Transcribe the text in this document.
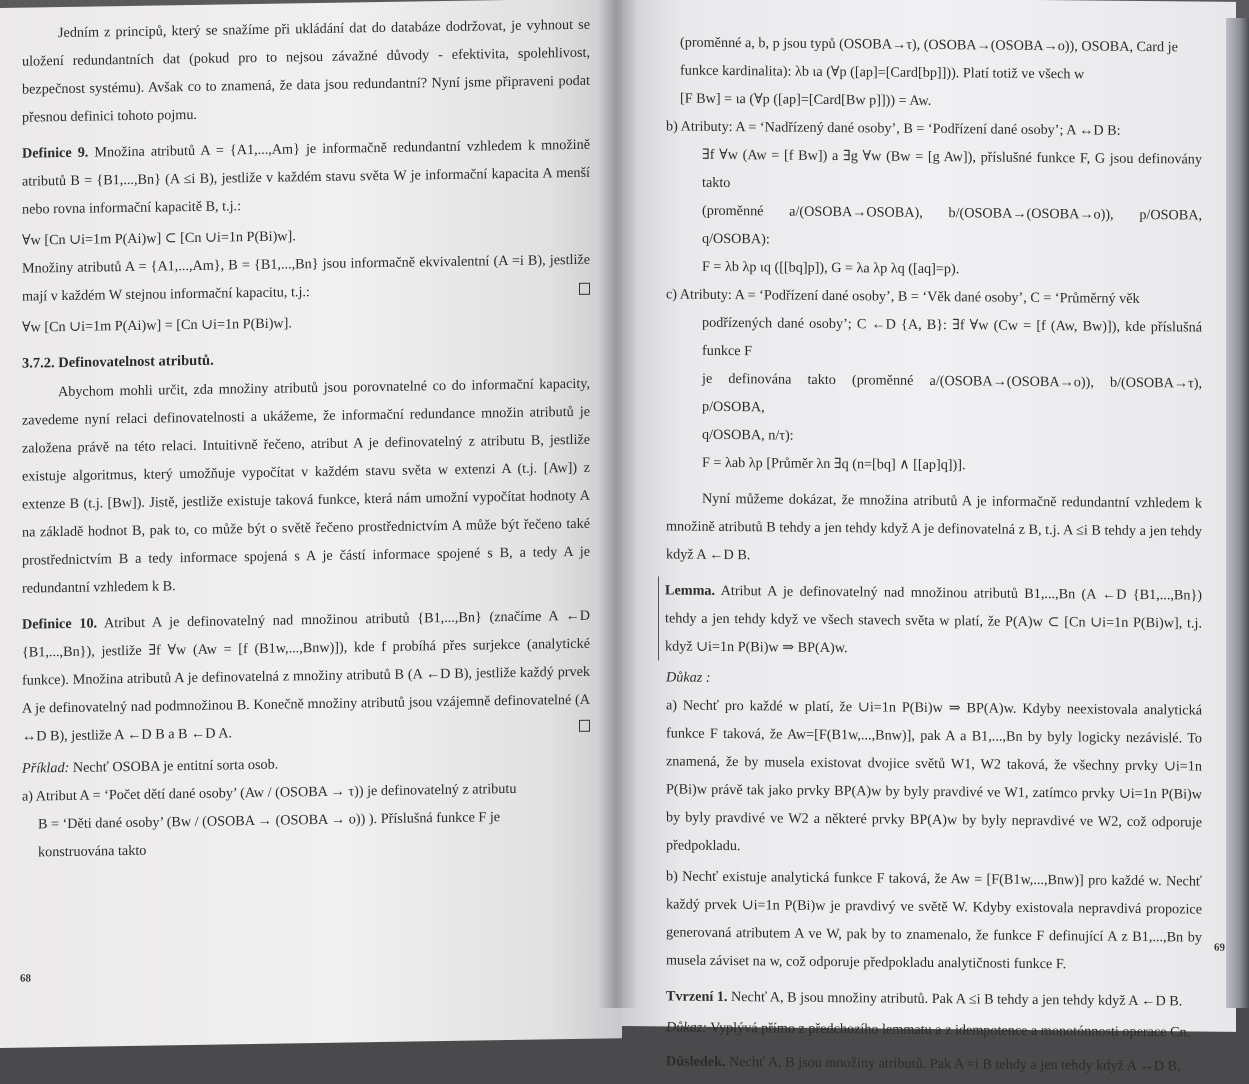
Jedním z principů, který se snažíme při ukládání dat do databáze dodržovat, je vyhnout se uložení redundantních dat (pokud pro to nejsou závažné důvody - efektivita, spolehlivost, bezpečnost systému). Avšak co to znamená, že data jsou redundantní? Nyní jsme připraveni podat přesnou definici tohoto pojmu.

Definice 9. Množina atributů A = {A1,...,Am} je informačně redundantní vzhledem k množině atributů B = {B1,...,Bn} (A ≤i B), jestliže v každém stavu světa W je informační kapacita A menší nebo rovna informační kapacitě B, t.j.:

∀w [Cn ∪i=1m P(Ai)w] ⊂ [Cn ∪i=1n P(Bi)w].

Množiny atributů A = {A1,...,Am}, B = {B1,...,Bn} jsou informačně ekvivalentní (A =i B), jestliže mají v každém W stejnou informační kapacitu, t.j.:

∀w [Cn ∪i=1m P(Ai)w] = [Cn ∪i=1n P(Bi)w].

3.7.2. Definovatelnost atributů.

Abychom mohli určit, zda množiny atributů jsou porovnatelné co do informační kapacity, zavedeme nyní relaci definovatelnosti a ukážeme, že informační redundance množin atributů je založena právě na této relaci. Intuitivně řečeno, atribut A je definovatelný z atributu B, jestliže existuje algoritmus, který umožňuje vypočítat v každém stavu světa w extenzi A (t.j. [Aw]) z extenze B (t.j. [Bw]). Jistě, jestliže existuje taková funkce, která nám umožní vypočítat hodnoty A na základě hodnot B, pak to, co může být o světě řečeno prostřednictvím A může být řečeno také prostřednictvím B a tedy informace spojená s A je částí informace spojené s B, a tedy A je redundantní vzhledem k B.

Definice 10. Atribut A je definovatelný nad množinou atributů {B1,...,Bn} (značíme A ←D {B1,...,Bn}), jestliže ∃f ∀w (Aw = [f (B1w,...,Bnw)]), kde f probíhá přes surjekce (analytické funkce). Množina atributů A je definovatelná z množiny atributů B (A ←D B), jestliže každý prvek A je definovatelný nad podmnožinou B. Konečně množiny atributů jsou vzájemně definovatelné (A ↔D B), jestliže A ←D B a B ←D A.

Příklad: Nechť OSOBA je entitní sorta osob.

a) Atribut A = ‘Počet dětí dané osoby’ (Aw / (OSOBA → τ)) je definovatelný z atributu

B = ‘Děti dané osoby’ (Bw / (OSOBA → (OSOBA → o)) ). Příslušná funkce F je

konstruována takto

68

(proměnné a, b, p jsou typů (OSOBA→τ), (OSOBA→(OSOBA→o)), OSOBA, Card je

funkce kardinalita): λb ιa (∀p ([ap]=[Card[bp]])). Platí totiž ve všech w

[F Bw] = ιa (∀p ([ap]=[Card[Bw p]])) = Aw.

b) Atributy: A = ‘Nadřízený dané osoby’, B = ‘Podřízení dané osoby’; A ↔D B:

∃f ∀w (Aw = [f Bw]) a ∃g ∀w (Bw = [g Aw]), příslušné funkce F, G jsou definovány takto

(proměnné a/(OSOBA→OSOBA), b/(OSOBA→(OSOBA→o)), p/OSOBA, q/OSOBA):

F = λb λp ιq ([[bq]p]), G = λa λp λq ([aq]=p).

c) Atributy: A = ‘Podřízení dané osoby’, B = ‘Věk dané osoby’, C = ‘Průměrný věk

podřízených dané osoby’; C ←D {A, B}: ∃f ∀w (Cw = [f (Aw, Bw)]), kde příslušná funkce F

je definována takto (proměnné a/(OSOBA→(OSOBA→o)), b/(OSOBA→τ), p/OSOBA,

q/OSOBA, n/τ):

F = λab λp [Průměr λn ∃q (n=[bq] ∧ [[ap]q])].

Nyní můžeme dokázat, že množina atributů A je informačně redundantní vzhledem k množině atributů B tehdy a jen tehdy když A je definovatelná z B, t.j. A ≤i B tehdy a jen tehdy když A ←D B.

Lemma. Atribut A je definovatelný nad množinou atributů B1,...,Bn (A ←D {B1,...,Bn}) tehdy a jen tehdy když ve všech stavech světa w platí, že P(A)w ⊂ [Cn ∪i=1n P(Bi)w], t.j. když ∪i=1n P(Bi)w ⇒ BP(A)w.

Důkaz :

a) Nechť pro každé w platí, že ∪i=1n P(Bi)w ⇒ BP(A)w. Kdyby neexistovala analytická funkce F taková, že Aw=[F(B1w,...,Bnw)], pak A a B1,...,Bn by byly logicky nezávislé. To znamená, že by musela existovat dvojice světů W1, W2 taková, že všechny prvky ∪i=1n P(Bi)w právě tak jako prvky BP(A)w by byly pravdivé ve W1, zatímco prvky ∪i=1n P(Bi)w by byly pravdivé ve W2 a některé prvky BP(A)w by byly nepravdivé ve W2, což odporuje předpokladu.

b) Nechť existuje analytická funkce F taková, že Aw = [F(B1w,...,Bnw)] pro každé w. Nechť každý prvek ∪i=1n P(Bi)w je pravdivý ve světě W. Kdyby existovala nepravdivá propozice generovaná atributem A ve W, pak by to znamenalo, že funkce F definující A z B1,...,Bn by musela záviset na w, což odporuje předpokladu analytičnosti funkce F.

Tvrzení 1. Nechť A, B jsou množiny atributů. Pak A ≤i B tehdy a jen tehdy když A ←D B.

Důkaz: Vyplývá přímo z předchozího lemmatu a z idempotence a monotónnosti operace Cn.

Důsledek. Nechť A, B jsou množiny atributů. Pak A =i B tehdy a jen tehdy když A ↔D B.

69
